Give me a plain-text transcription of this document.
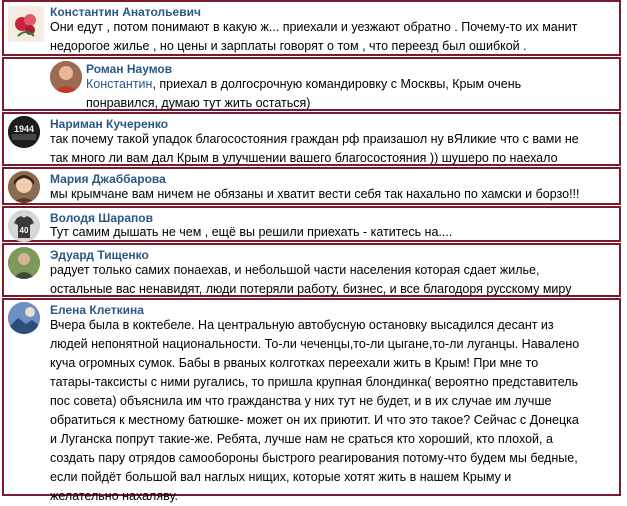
Константин Анатольевич
Они едут , потом понимают в какую ж... приехали и уезжают обратно . Почему-то их манит
недорогое жилье , но цены и зарплаты говорят о том , что переезд был ошибкой .
Роман Наумов
Константин, приехал в долгосрочную командировку с Москвы, Крым очень
понравился, думаю тут жить остаться)
1944 Нариман Кучеренко
так почему такой упадок благосостояния граждан рф праизашол ну вЯликие что с вами не
так много ли вам дал Крым в улучшении вашего благосостояния )) шушеро по наехало
Мария Джаббарова
мы крымчане вам ничем не обязаны и хватит вести себя так нахально по хамски и борзо!!!
40
Володя Шарапов
Тут самим дышать не чем , ещё вы решили приехать - катитесь на....
Эдуард Тищенко
радует только самих понаехав, и небольшой части населения которая сдает жилье,
остальные вас ненавидят, люди потеряли работу, бизнес, и все благодоря русскому миру
Елена Клеткина
Вчера была в коктебеле. На центральную автобусную остановку высадился десант из
людей непонятной национальности. То-ли чеченцы,то-ли цыгане,то-ли луганцы. Навалено
куча огромных сумок. Бабы в рваных колготках переехали жить в Крым! При мне то
татары-таксисты с ними ругались, то пришла крупная блондинка( вероятно представитель
пос совета) объяснила им что гражданства у них тут не будет, и в их случае им лучше
обратиться к местному батюшке- может он их приютит. И что это такое? Сейчас с Донецка
и Луганска попрут такие-же. Ребята, лучше нам не сраться кто хороший, кто плохой, а
создать пару отрядов самообороны быстрого реагирования потому-что будем мы бедные,
если пойдёт большой вал наглых нищих, которые хотят жить в нашем Крыму и
желательно нахаляву.
